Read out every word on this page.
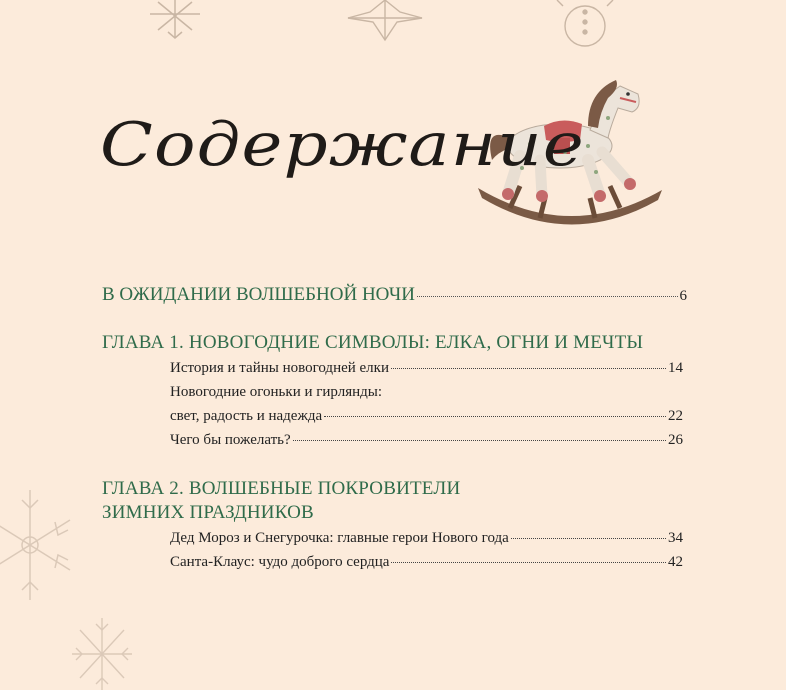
Содержание
В ОЖИДАНИИ ВОЛШЕБНОЙ НОЧИ	6
ГЛАВА 1. НОВОГОДНИЕ СИМВОЛЫ: ЕЛКА, ОГНИ И МЕЧТЫ
История и тайны новогодней елки	14
Новогодние огоньки и гирлянды:
свет, радость и надежда	22
Чего бы пожелать?	26
ГЛАВА 2. ВОЛШЕБНЫЕ ПОКРОВИТЕЛИ
ЗИМНИХ ПРАЗДНИКОВ
Дед Мороз и Снегурочка: главные герои Нового года	34
Санта-Клаус: чудо доброго сердца	42
